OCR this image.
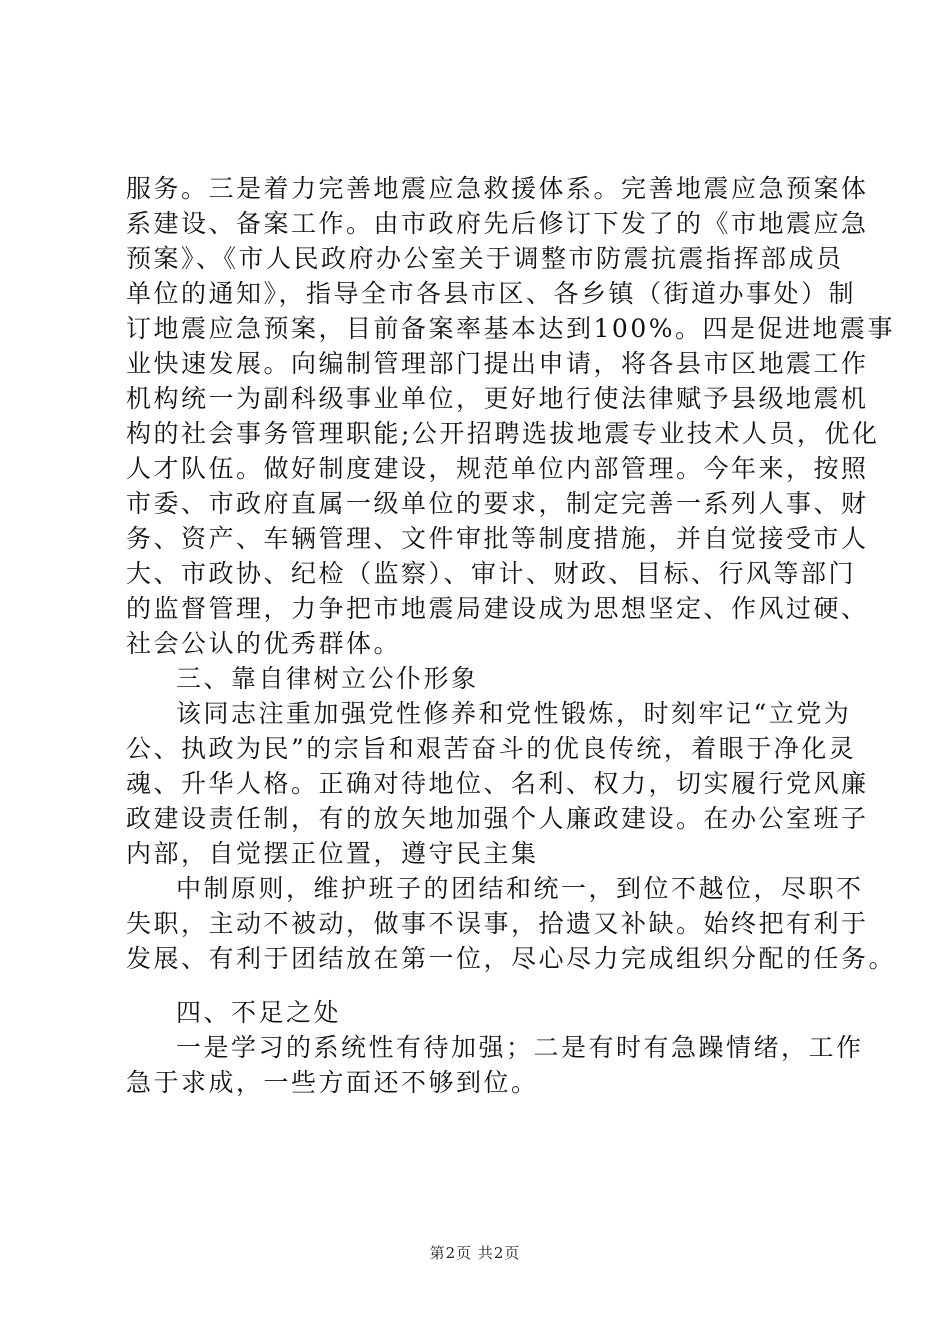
服务。三是着力完善地震应急救援体系。完善地震应急预案体
系建设、备案工作。由市政府先后修订下发了的《市地震应急
预案》、《市人民政府办公室关于调整市防震抗震指挥部成员
单位的通知》，指导全市各县市区、各乡镇（街道办事处）制
订地震应急预案，目前备案率基本达到100%。四是促进地震事
业快速发展。向编制管理部门提出申请，将各县市区地震工作
机构统一为副科级事业单位，更好地行使法律赋予县级地震机
构的社会事务管理职能;公开招聘选拔地震专业技术人员，优化
人才队伍。做好制度建设，规范单位内部管理。今年来，按照
市委、市政府直属一级单位的要求，制定完善一系列人事、财
务、资产、车辆管理、文件审批等制度措施，并自觉接受市人
大、市政协、纪检（监察）、审计、财政、目标、行风等部门
的监督管理，力争把市地震局建设成为思想坚定、作风过硬、
社会公认的优秀群体。
三、靠自律树立公仆形象
该同志注重加强党性修养和党性锻炼，时刻牢记“立党为
公、执政为民”的宗旨和艰苦奋斗的优良传统，着眼于净化灵
魂、升华人格。正确对待地位、名利、权力，切实履行党风廉
政建设责任制，有的放矢地加强个人廉政建设。在办公室班子
内部，自觉摆正位置，遵守民主集
中制原则，维护班子的团结和统一，到位不越位，尽职不
失职，主动不被动，做事不误事，拾遗又补缺。始终把有利于
发展、有利于团结放在第一位，尽心尽力完成组织分配的任务。
四、不足之处
一是学习的系统性有待加强；二是有时有急躁情绪，工作
急于求成，一些方面还不够到位。
第2页 共2页
